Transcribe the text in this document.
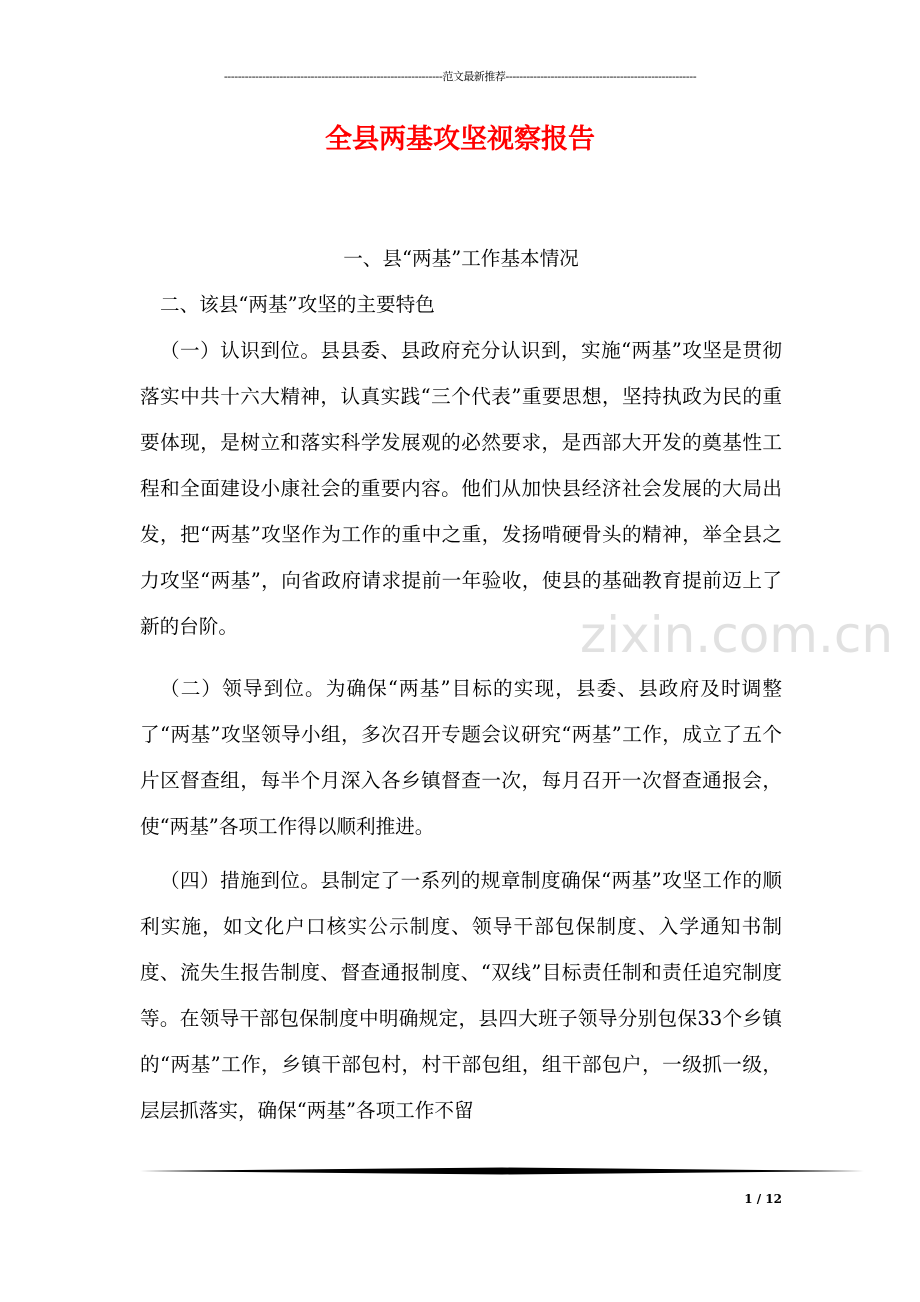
---------------------------------------------------------------范文最新推荐-------------------------------------------------------
全县两基攻坚视察报告
一、县“两基”工作基本情况
二、该县“两基”攻坚的主要特色
（一）认识到位。县县委、县政府充分认识到，实施“两基”攻坚是贯彻落实中共十六大精神，认真实践“三个代表”重要思想，坚持执政为民的重要体现，是树立和落实科学发展观的必然要求，是西部大开发的奠基性工程和全面建设小康社会的重要内容。他们从加快县经济社会发展的大局出发，把“两基”攻坚作为工作的重中之重，发扬啃硬骨头的精神，举全县之力攻坚“两基”，向省政府请求提前一年验收，使县的基础教育提前迈上了新的台阶。
（二）领导到位。为确保“两基”目标的实现，县委、县政府及时调整了“两基”攻坚领导小组，多次召开专题会议研究“两基”工作，成立了五个片区督查组，每半个月深入各乡镇督查一次，每月召开一次督查通报会，使“两基”各项工作得以顺利推进。
（四）措施到位。县制定了一系列的规章制度确保“两基”攻坚工作的顺利实施，如文化户口核实公示制度、领导干部包保制度、入学通知书制度、流失生报告制度、督查通报制度、“双线”目标责任制和责任追究制度等。在领导干部包保制度中明确规定，县四大班子领导分别包保33个乡镇的“两基”工作，乡镇干部包村，村干部包组，组干部包户，一级抓一级，层层抓落实，确保“两基”各项工作不留
zixin.com.cn
1 / 12
